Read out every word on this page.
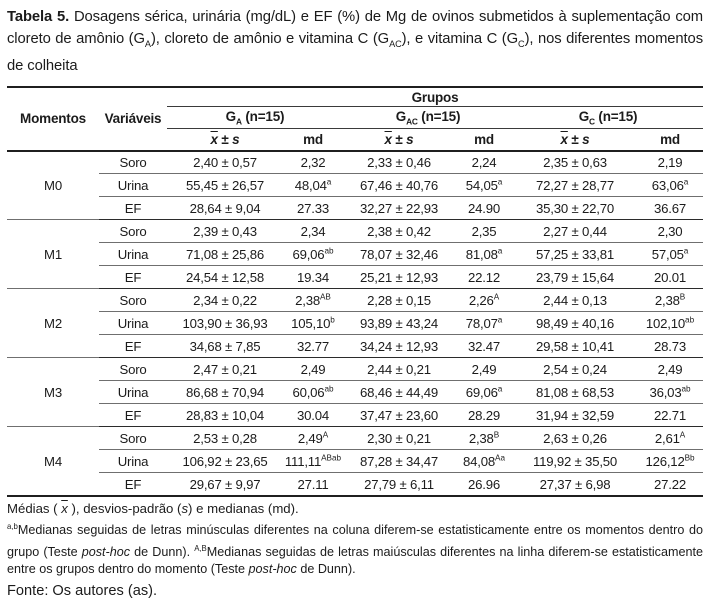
Tabela 5. Dosagens sérica, urinária (mg/dL) e EF (%) de Mg de ovinos submetidos à suplementação com cloreto de amônio $(G_A)$, cloreto de amônio e vitamina C $(G_{AC})$, e vitamina C $(G_C)$, nos diferentes momentos de colheita

Momentos	Variáveis	Grupos					
		$G_A$ (n=15)		$G_{AC}$ (n=15)		$G_C$ (n=15)	
		$\overline{x} \pm s$	md	$\overline{x} \pm s$	md	$\overline{x} \pm s$	md
M0	Soro	2,40 ± 0,57	2,32	2,33 ± 0,46	2,24	2,35 ± 0,63	2,19
	Urina	55,45 ± 26,57	48,04$^a$	67,46 ± 40,76	54,05$^a$	72,27 ± 28,77	63,06$^a$
	EF	28,64 ± 9,04	27.33	32,27 ± 22,93	24.90	35,30 ± 22,70	36.67
M1	Soro	2,39 ± 0,43	2,34	2,38 ± 0,42	2,35	2,27 ± 0,44	2,30
	Urina	71,08 ± 25,86	69,06$^{ab}$	78,07 ± 32,46	81,08$^a$	57,25 ± 33,81	57,05$^a$
	EF	24,54 ± 12,58	19.34	25,21 ± 12,93	22.12	23,79 ± 15,64	20.01
M2	Soro	2,34 ± 0,22	$2,38^{AB}$	2,28 ± 0,15	$2,26^A$	2,44 ± 0,13	$2,38^B$
	Urina	103,90 ± 36,93	105,10$^b$	93,89 ± 43,24	78,07$^a$	98,49 ± 40,16	102,10$^{ab}$
	EF	34,68 ± 7,85	32.77	34,24 ± 12,93	32.47	29,58 ± 10,41	28.73
M3	Soro	2,47 ± 0,21	2,49	2,44 ± 0,21	2,49	2,54 ± 0,24	2,49
	Urina	86,68 ± 70,94	60,06$^{ab}$	68,46 ± 44,49	69,06$^a$	81,08 ± 68,53	36,03$^{ab}$
	EF	28,83 ± 10,04	30.04	37,47 ± 23,60	28.29	31,94 ± 32,59	22.71
M4	Soro	2,53 ± 0,28	$2,49^A$	2,30 ± 0,21	$2,38^B$	2,63 ± 0,26	$2,61^A$
	Urina	106,92 ± 23,65	$111,11^{ABab}$	87,28 ± 34,47	$84,08^{Aa}$	119,92 ± 35,50	$126,12^{Bb}$
	EF	29,67 ± 9,97	27.11	27,79 ± 6,11	26.96	27,37 ± 6,98	27.22

Médias ( $\overline{x}$ ), desvios-padrão (s) e medianas (md).

$^{a,b}$Medianas seguidas de letras minúsculas diferentes na coluna diferem-se estatisticamente entre os momentos dentro do grupo (Teste post-hoc de Dunn). $^{A,B}$Medianas seguidas de letras maiúsculas diferentes na linha diferem-se estatisticamente entre os grupos dentro do momento (Teste post-hoc de Dunn).

Fonte: Os autores (as).
